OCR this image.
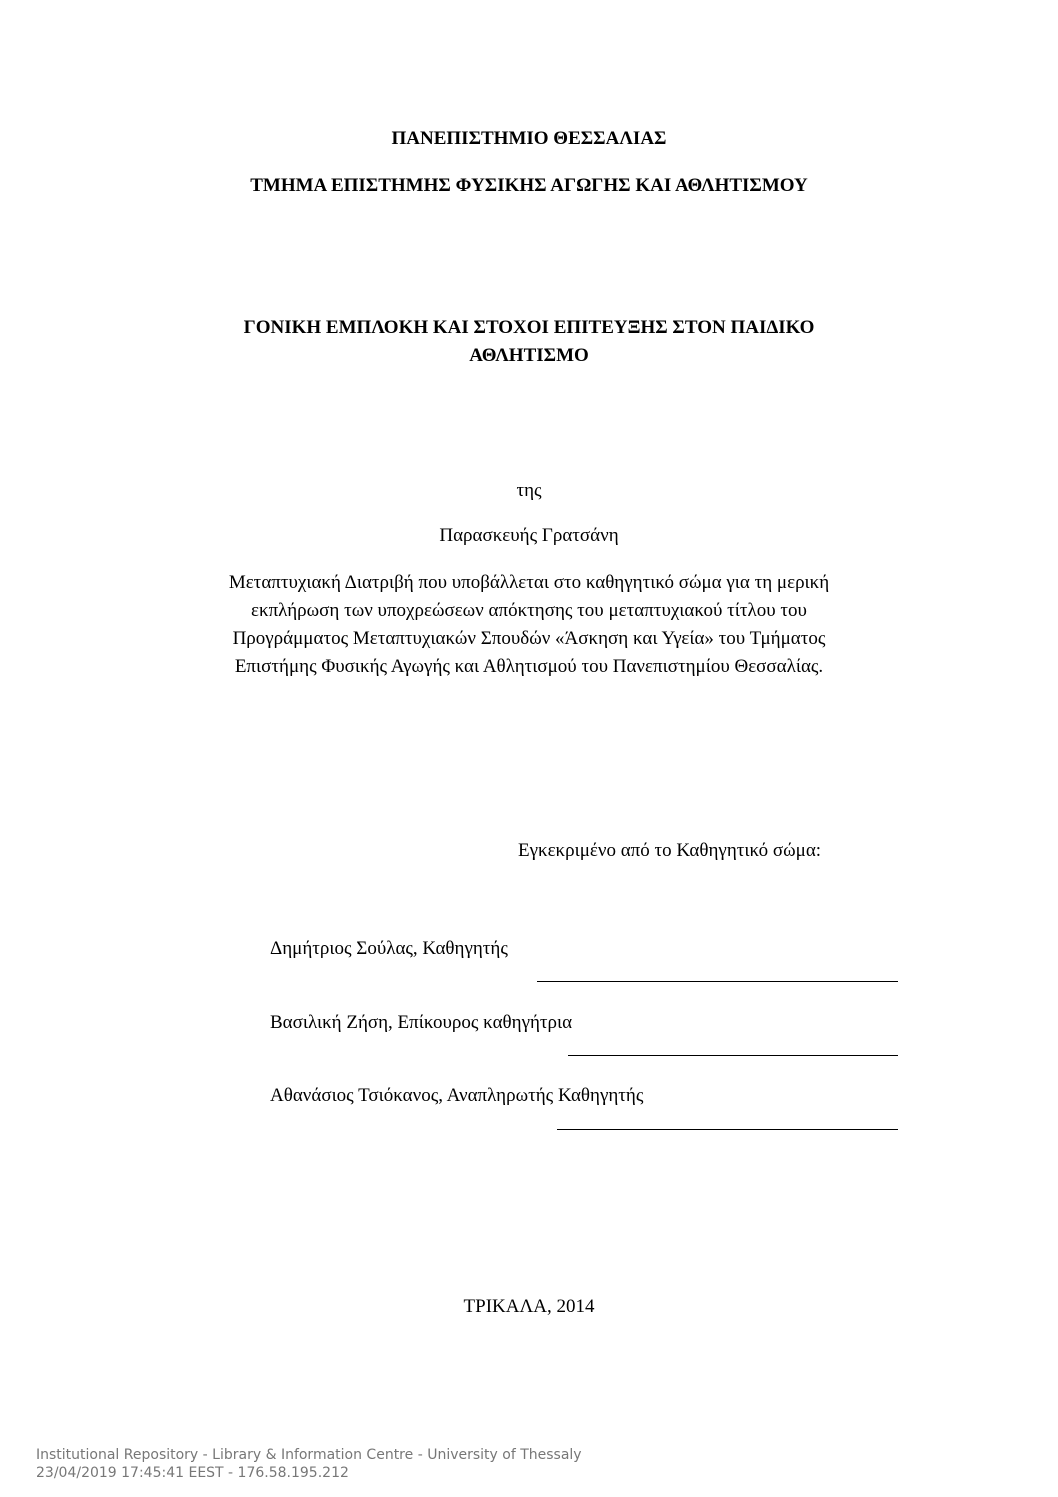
ΠΑΝΕΠΙΣΤΗΜΙΟ ΘΕΣΣΑΛΙΑΣ
ΤΜΗΜΑ ΕΠΙΣΤΗΜΗΣ ΦΥΣΙΚΗΣ ΑΓΩΓΗΣ ΚΑΙ ΑΘΛΗΤΙΣΜΟΥ
ΓΟΝΙΚΗ ΕΜΠΛΟΚΗ ΚΑΙ ΣΤΟΧΟΙ ΕΠΙΤΕΥΞΗΣ ΣΤΟΝ ΠΑΙΔΙΚΟ
ΑΘΛΗΤΙΣΜΟ
της
Παρασκευής Γρατσάνη
Μεταπτυχιακή Διατριβή που υποβάλλεται στο καθηγητικό σώμα για τη μερική
εκπλήρωση των υποχρεώσεων απόκτησης του μεταπτυχιακού τίτλου του
Προγράμματος Μεταπτυχιακών Σπουδών «Άσκηση και Υγεία» του Τμήματος
Επιστήμης Φυσικής Αγωγής και Αθλητισμού του Πανεπιστημίου Θεσσαλίας.
Εγκεκριμένο από το Καθηγητικό σώμα:
Δημήτριος Σούλας, Καθηγητής
Βασιλική Ζήση, Επίκουρος καθηγήτρια
Αθανάσιος Τσιόκανος, Αναπληρωτής Καθηγητής
ΤΡΙΚΑΛΑ, 2014
Institutional Repository - Library & Information Centre - University of Thessaly
23/04/2019 17:45:41 EEST - 176.58.195.212
